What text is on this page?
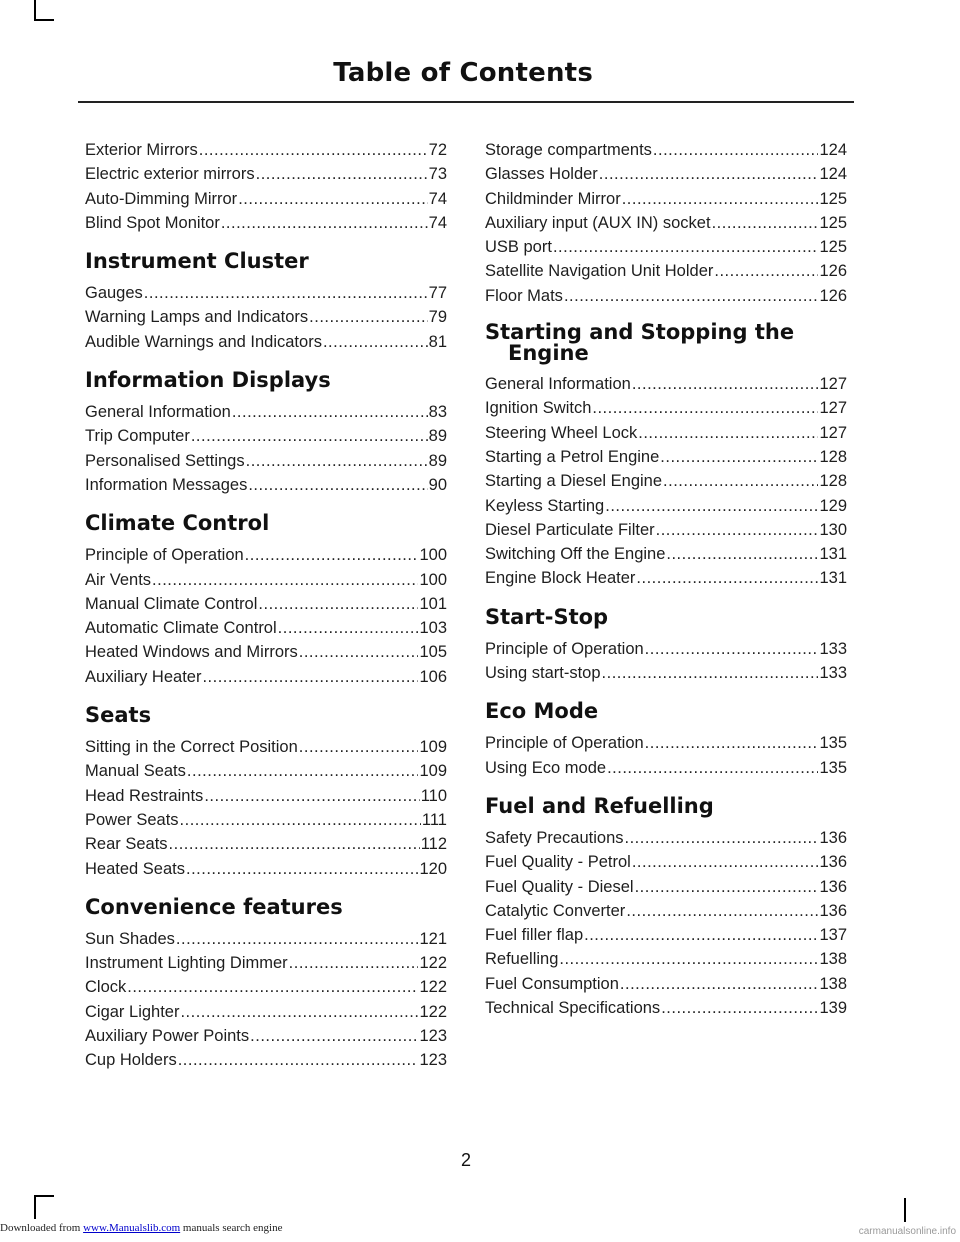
Table of Contents
Exterior Mirrors .....	72
Electric exterior mirrors .....	73
Auto-Dimming Mirror .....	74
Blind Spot Monitor .....	74
Instrument Cluster
Gauges .....	77
Warning Lamps and Indicators .....	79
Audible Warnings and Indicators .....	81
Information Displays
General Information .....	83
Trip Computer .....	89
Personalised Settings .....	89
Information Messages .....	90
Climate Control
Principle of Operation .....	100
Air Vents .....	100
Manual Climate Control .....	101
Automatic Climate Control .....	103
Heated Windows and Mirrors .....	105
Auxiliary Heater .....	106
Seats
Sitting in the Correct Position .....	109
Manual Seats .....	109
Head Restraints .....	110
Power Seats .....	111
Rear Seats .....	112
Heated Seats .....	120
Convenience features
Sun Shades .....	121
Instrument Lighting Dimmer .....	122
Clock .....	122
Cigar Lighter .....	122
Auxiliary Power Points .....	123
Cup Holders .....	123
Storage compartments .....	124
Glasses Holder .....	124
Childminder Mirror .....	125
Auxiliary input (AUX IN) socket .....	125
USB port .....	125
Satellite Navigation Unit Holder .....	126
Floor Mats .....	126
Starting and Stopping the Engine
General Information .....	127
Ignition Switch .....	127
Steering Wheel Lock .....	127
Starting a Petrol Engine .....	128
Starting a Diesel Engine .....	128
Keyless Starting .....	129
Diesel Particulate Filter .....	130
Switching Off the Engine .....	131
Engine Block Heater .....	131
Start-Stop
Principle of Operation .....	133
Using start-stop .....	133
Eco Mode
Principle of Operation .....	135
Using Eco mode .....	135
Fuel and Refuelling
Safety Precautions .....	136
Fuel Quality - Petrol .....	136
Fuel Quality - Diesel .....	136
Catalytic Converter .....	136
Fuel filler flap .....	137
Refuelling .....	138
Fuel Consumption .....	138
Technical Specifications .....	139
2
Downloaded from www.Manualslib.com manuals search engine	carmanualsonline.info
